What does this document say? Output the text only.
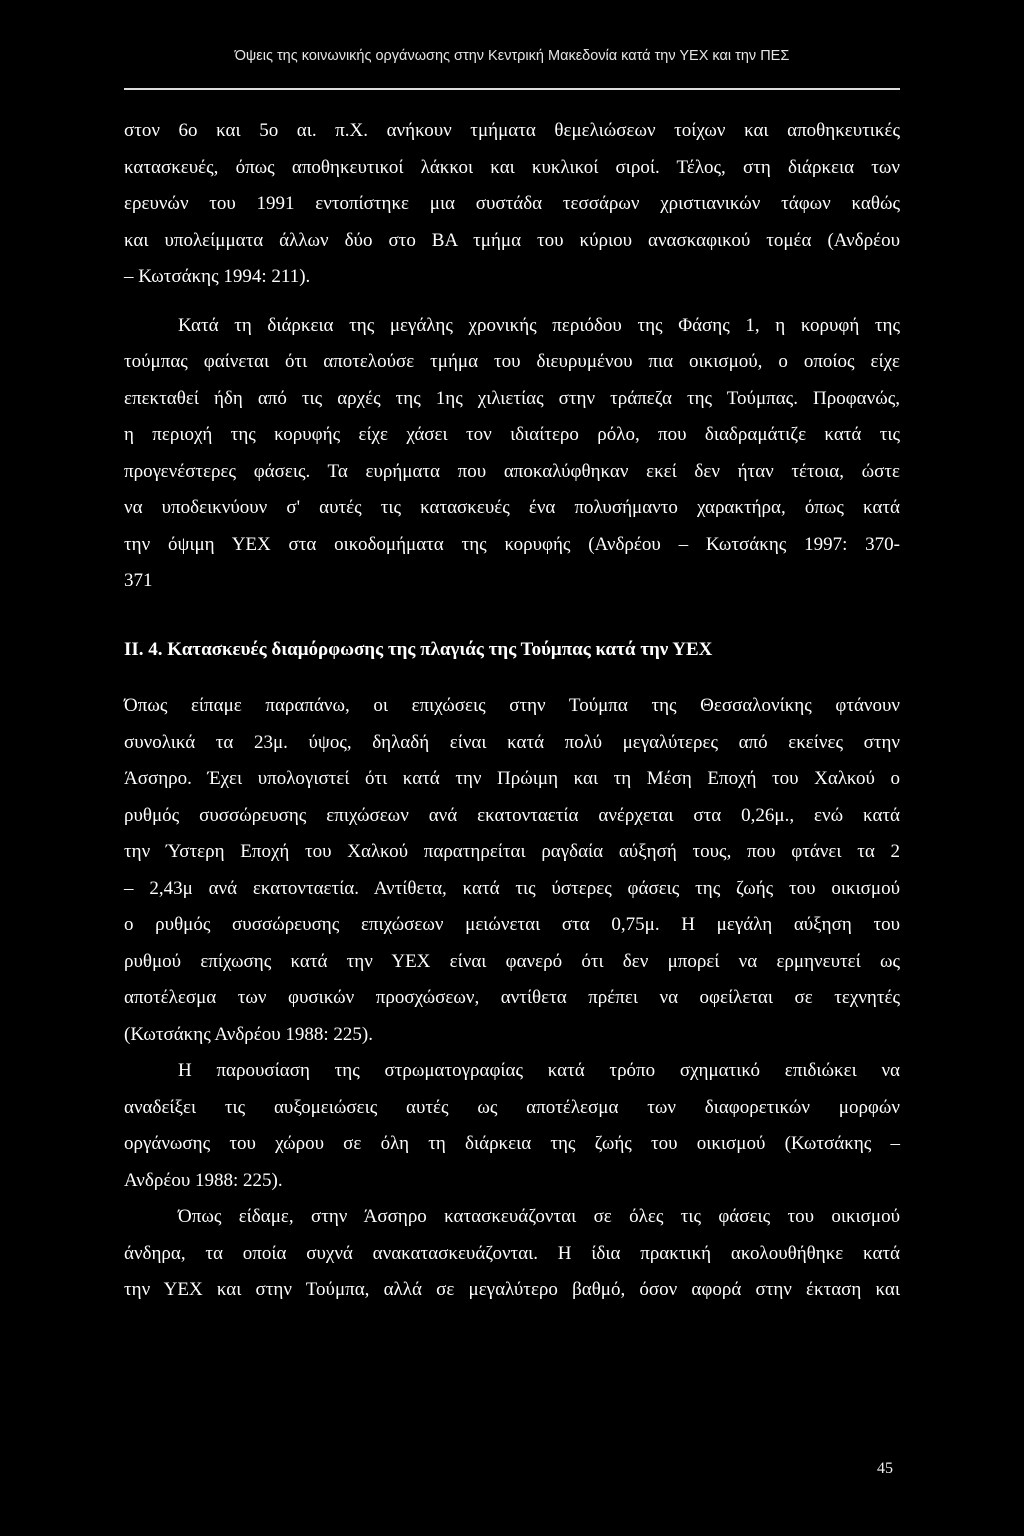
Όψεις της κοινωνικής οργάνωσης στην Κεντρική Μακεδονία κατά την ΥΕΧ και την ΠΕΣ

στον 6ο και 5ο αι. π.Χ. ανήκουν τμήματα θεμελιώσεων τοίχων και αποθηκευτικές
κατασκευές, όπως αποθηκευτικοί λάκκοι και κυκλικοί σιροί. Τέλος, στη διάρκεια των
ερευνών του 1991 εντοπίστηκε μια συστάδα τεσσάρων χριστιανικών τάφων καθώς
και υπολείμματα άλλων δύο στο ΒΑ τμήμα του κύριου ανασκαφικού τομέα (Ανδρέου
– Κωτσάκης 1994: 211).

Κατά τη διάρκεια της μεγάλης χρονικής περιόδου της Φάσης 1, η κορυφή της
τούμπας φαίνεται ότι αποτελούσε τμήμα του διευρυμένου πια οικισμού, ο οποίος είχε
επεκταθεί ήδη από τις αρχές της 1ης χιλιετίας στην τράπεζα της Τούμπας. Προφανώς,
η περιοχή της κορυφής είχε χάσει τον ιδιαίτερο ρόλο, που διαδραμάτιζε κατά τις
προγενέστερες φάσεις. Τα ευρήματα που αποκαλύφθηκαν εκεί δεν ήταν τέτοια, ώστε
να υποδεικνύουν σ' αυτές τις κατασκευές ένα πολυσήμαντο χαρακτήρα, όπως κατά
την όψιμη ΥΕΧ στα οικοδομήματα της κορυφής (Ανδρέου – Κωτσάκης 1997: 370-
371

ΙΙ. 4. Κατασκευές διαμόρφωσης της πλαγιάς της Τούμπας κατά την ΥΕΧ

Όπως είπαμε παραπάνω, οι επιχώσεις στην Τούμπα της Θεσσαλονίκης φτάνουν
συνολικά τα 23μ. ύψος, δηλαδή είναι κατά πολύ μεγαλύτερες από εκείνες στην
Άσσηρο. Έχει υπολογιστεί ότι κατά την Πρώιμη και τη Μέση Εποχή του Χαλκού ο
ρυθμός συσσώρευσης επιχώσεων ανά εκατονταετία ανέρχεται στα 0,26μ., ενώ κατά
την Ύστερη Εποχή του Χαλκού παρατηρείται ραγδαία αύξησή τους, που φτάνει τα 2
– 2,43μ ανά εκατονταετία. Αντίθετα, κατά τις ύστερες φάσεις της ζωής του οικισμού
ο ρυθμός συσσώρευσης επιχώσεων μειώνεται στα 0,75μ. Η μεγάλη αύξηση του
ρυθμού επίχωσης κατά την ΥΕΧ είναι φανερό ότι δεν μπορεί να ερμηνευτεί ως
αποτέλεσμα των φυσικών προσχώσεων, αντίθετα πρέπει να οφείλεται σε τεχνητές
(Κωτσάκης Ανδρέου 1988: 225).

Η παρουσίαση της στρωματογραφίας κατά τρόπο σχηματικό επιδιώκει να
αναδείξει τις αυξομειώσεις αυτές ως αποτέλεσμα των διαφορετικών μορφών
οργάνωσης του χώρου σε όλη τη διάρκεια της ζωής του οικισμού (Κωτσάκης –
Ανδρέου 1988: 225).

Όπως είδαμε, στην Άσσηρο κατασκευάζονται σε όλες τις φάσεις του οικισμού
άνδηρα, τα οποία συχνά ανακατασκευάζονται. Η ίδια πρακτική ακολουθήθηκε κατά
την ΥΕΧ και στην Τούμπα, αλλά σε μεγαλύτερο βαθμό, όσον αφορά στην έκταση και

45
